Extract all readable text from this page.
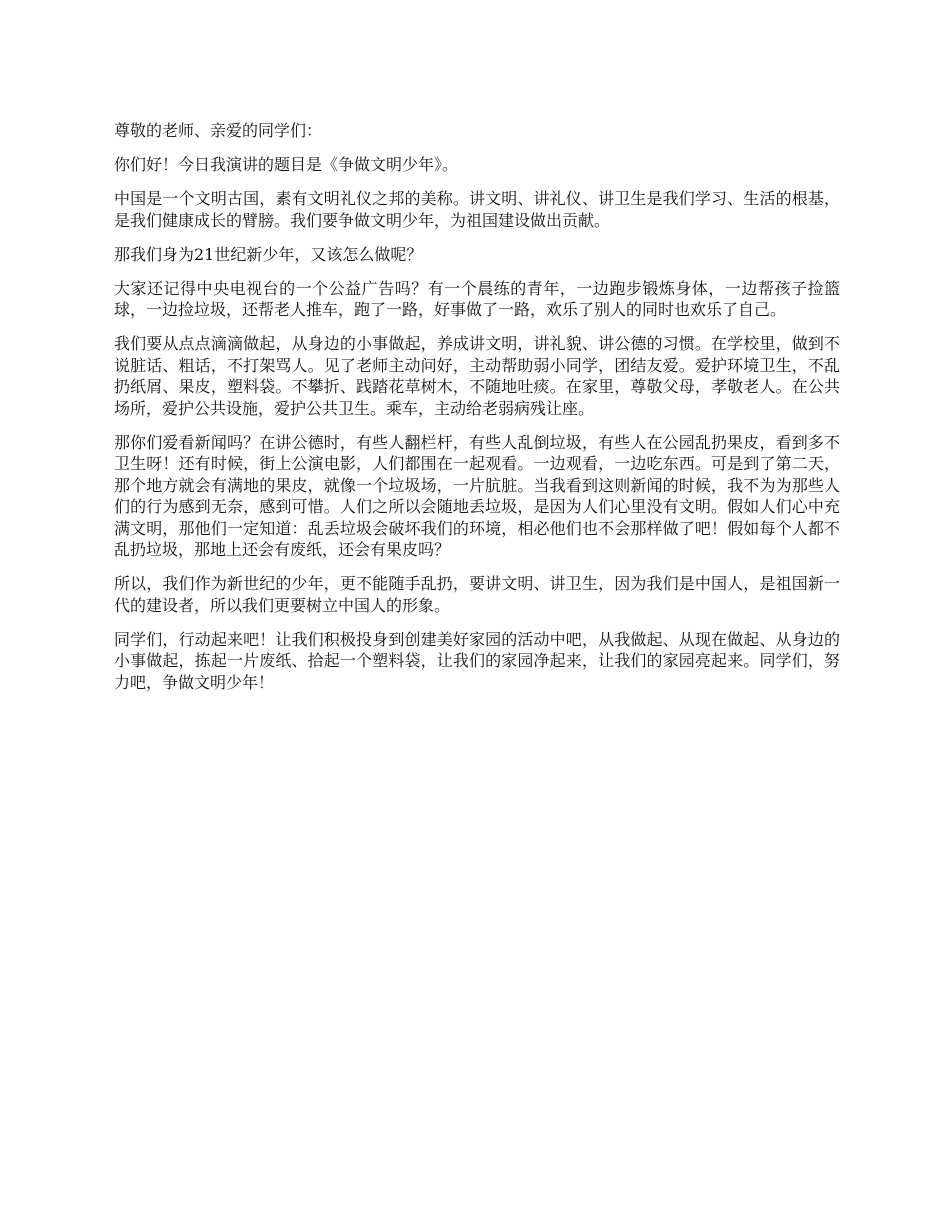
尊敬的老师、亲爱的同学们：

你们好！今日我演讲的题目是《争做文明少年》。

中国是一个文明古国，素有文明礼仪之邦的美称。讲文明、讲礼仪、讲卫生是我们学习、生活的根基，是我们健康成长的臂膀。我们要争做文明少年，为祖国建设做出贡献。

那我们身为21世纪新少年，又该怎么做呢？

大家还记得中央电视台的一个公益广告吗？有一个晨练的青年，一边跑步锻炼身体，一边帮孩子捡篮球，一边捡垃圾，还帮老人推车，跑了一路，好事做了一路，欢乐了别人的同时也欢乐了自己。

我们要从点点滴滴做起，从身边的小事做起，养成讲文明，讲礼貌、讲公德的习惯。在学校里，做到不说脏话、粗话，不打架骂人。见了老师主动问好，主动帮助弱小同学，团结友爱。爱护环境卫生，不乱扔纸屑、果皮，塑料袋。不攀折、践踏花草树木，不随地吐痰。在家里，尊敬父母，孝敬老人。在公共场所，爱护公共设施，爱护公共卫生。乘车，主动给老弱病残让座。

那你们爱看新闻吗？在讲公德时，有些人翻栏杆，有些人乱倒垃圾，有些人在公园乱扔果皮，看到多不卫生呀！还有时候，街上公演电影，人们都围在一起观看。一边观看，一边吃东西。可是到了第二天，那个地方就会有满地的果皮，就像一个垃圾场，一片肮脏。当我看到这则新闻的时候，我不为为那些人们的行为感到无奈，感到可惜。人们之所以会随地丢垃圾，是因为人们心里没有文明。假如人们心中充满文明，那他们一定知道：乱丢垃圾会破坏我们的环境，相必他们也不会那样做了吧！假如每个人都不乱扔垃圾，那地上还会有废纸，还会有果皮吗？

所以，我们作为新世纪的少年，更不能随手乱扔，要讲文明、讲卫生，因为我们是中国人，是祖国新一代的建设者，所以我们更要树立中国人的形象。

同学们，行动起来吧！让我们积极投身到创建美好家园的活动中吧，从我做起、从现在做起、从身边的小事做起，拣起一片废纸、拾起一个塑料袋，让我们的家园净起来，让我们的家园亮起来。同学们，努力吧，争做文明少年！
